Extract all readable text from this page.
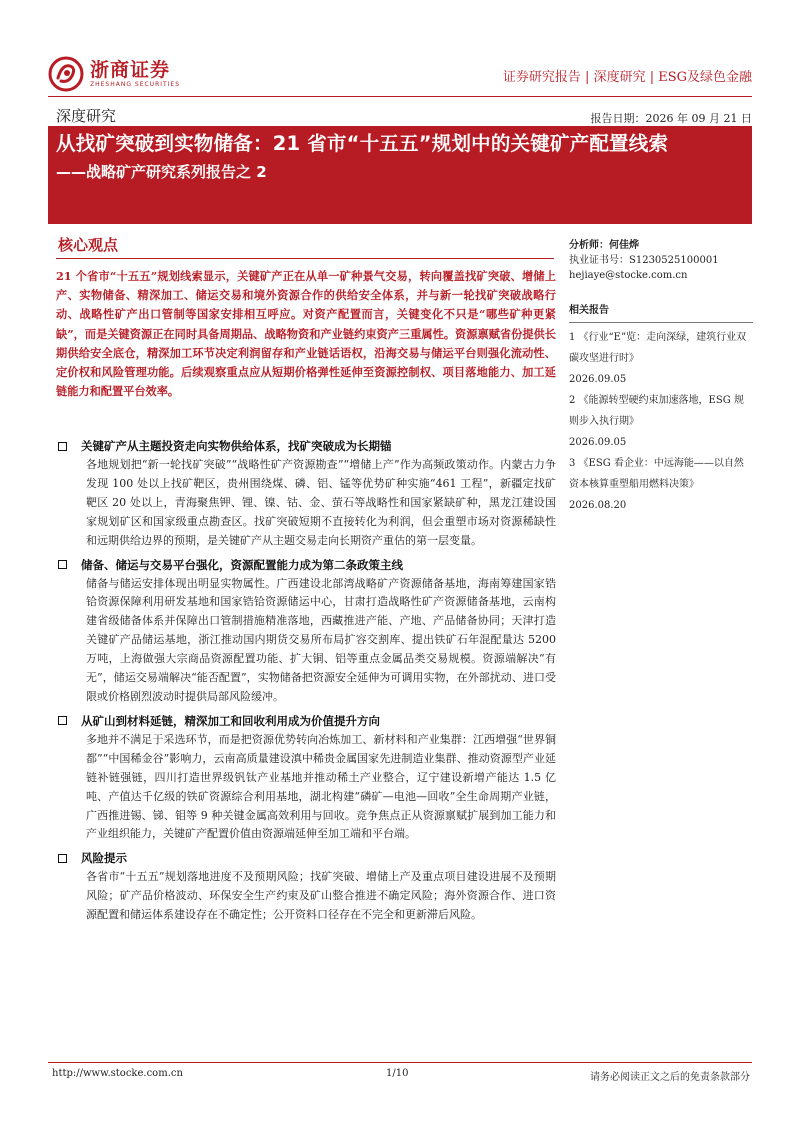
浙商证券
ZHESHANG SECURITIES	证券研究报告 | 深度研究 | ESG及绿色金融
深度研究	报告日期：2026 年 09 月 21 日
从找矿突破到实物储备：21 省市“十五五”规划中的关键矿产配置线索
——战略矿产研究系列报告之 2
核心观点
21 个省市“十五五”规划线索显示，关键矿产正在从单一矿种景气交易，转向覆盖找矿突破、增储上产、实物储备、精深加工、储运交易和境外资源合作的供给安全体系，并与新一轮找矿突破战略行动、战略性矿产出口管制等国家安排相互呼应。对资产配置而言，关键变化不只是“哪些矿种更紧缺”，而是关键资源正在同时具备周期品、战略物资和产业链约束资产三重属性。资源禀赋省份提供长期供给安全底仓，精深加工环节决定利润留存和产业链话语权，沿海交易与储运平台则强化流动性、定价权和风险管理功能。后续观察重点应从短期价格弹性延伸至资源控制权、项目落地能力、加工延链能力和配置平台效率。
关键矿产从主题投资走向实物供给体系，找矿突破成为长期锚
各地规划把“新一轮找矿突破”“战略性矿产资源勘查”“增储上产”作为高频政策动作。内蒙古力争发现 100 处以上找矿靶区，贵州围绕煤、磷、铝、锰等优势矿种实施“461 工程”，新疆定找矿靶区 20 处以上，青海聚焦钾、锂、镍、钴、金、萤石等战略性和国家紧缺矿种，黑龙江建设国家规划矿区和国家级重点勘查区。找矿突破短期不直接转化为利润，但会重塑市场对资源稀缺性和远期供给边界的预期，是关键矿产从主题交易走向长期资产重估的第一层变量。
储备、储运与交易平台强化，资源配置能力成为第二条政策主线
储备与储运安排体现出明显实物属性。广西建设北部湾战略矿产资源储备基地，海南筹建国家锆铪资源保障利用研发基地和国家锆铪资源储运中心，甘肃打造战略性矿产资源储备基地，云南构建省级储备体系并保障出口管制措施精准落地，西藏推进产能、产地、产品储备协同；天津打造关键矿产品储运基地，浙江推动国内期货交易所布局扩容交割库、提出铁矿石年混配量达 5200 万吨，上海做强大宗商品资源配置功能、扩大铜、铝等重点金属品类交易规模。资源端解决“有无”，储运交易端解决“能否配置”，实物储备把资源安全延伸为可调用实物，在外部扰动、进口受限或价格剧烈波动时提供局部风险缓冲。
从矿山到材料延链，精深加工和回收利用成为价值提升方向
多地并不满足于采选环节，而是把资源优势转向冶炼加工、新材料和产业集群：江西增强“世界铜都”“中国稀金谷”影响力，云南高质量建设滇中稀贵金属国家先进制造业集群、推动资源型产业延链补链强链，四川打造世界级钒钛产业基地并推动稀土产业整合，辽宁建设新增产能达 1.5 亿吨、产值达千亿级的铁矿资源综合利用基地，湖北构建“磷矿—电池—回收”全生命周期产业链，广西推进锡、锑、钼等 9 种关键金属高效利用与回收。竞争焦点正从资源禀赋扩展到加工能力和产业组织能力，关键矿产配置价值由资源端延伸至加工端和平台端。
风险提示
各省市“十五五”规划落地进度不及预期风险；找矿突破、增储上产及重点项目建设进展不及预期风险；矿产品价格波动、环保安全生产约束及矿山整合推进不确定风险；海外资源合作、进口资源配置和储运体系建设存在不确定性；公开资料口径存在不完全和更新滞后风险。
分析师：何佳烨
执业证书号：S1230525100001
hejiaye@stocke.com.cn
相关报告
1 《行业“E”览：走向深绿，建筑行业双碳攻坚进行时》
2026.09.05
2 《能源转型硬约束加速落地，ESG 规则步入执行期》
2026.09.05
3 《ESG 看企业：中远海能——以自然资本核算重塑船用燃料决策》 2026.08.20
http://www.stocke.com.cn	1/10	请务必阅读正文之后的免责条款部分
